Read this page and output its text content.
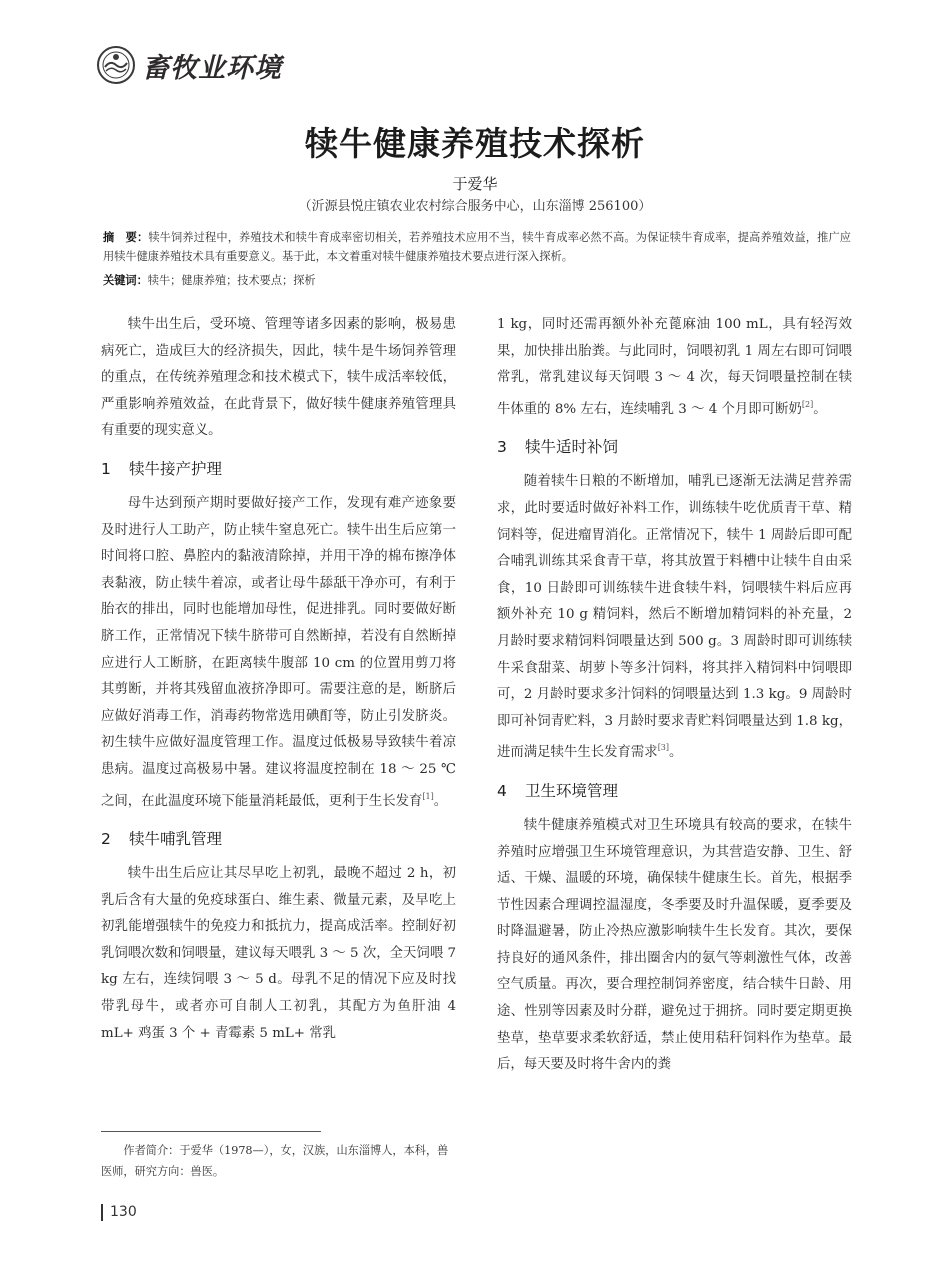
畜牧业环境
犊牛健康养殖技术探析
于爱华
（沂源县悦庄镇农业农村综合服务中心，山东淄博 256100）
摘　要：犊牛饲养过程中，养殖技术和犊牛育成率密切相关，若养殖技术应用不当，犊牛育成率必然不高。为保证犊牛育成率，提高养殖效益，推广应用犊牛健康养殖技术具有重要意义。基于此，本文着重对犊牛健康养殖技术要点进行深入探析。
关键词：犊牛；健康养殖；技术要点；探析

犊牛出生后，受环境、管理等诸多因素的影响，极易患病死亡，造成巨大的经济损失，因此，犊牛是牛场饲养管理的重点，在传统养殖理念和技术模式下，犊牛成活率较低，严重影响养殖效益，在此背景下，做好犊牛健康养殖管理具有重要的现实意义。

1 犊牛接产护理

母牛达到预产期时要做好接产工作，发现有难产迹象要及时进行人工助产，防止犊牛窒息死亡。犊牛出生后应第一时间将口腔、鼻腔内的黏液清除掉，并用干净的棉布擦净体表黏液，防止犊牛着凉，或者让母牛舔舐干净亦可，有利于胎衣的排出，同时也能增加母性，促进排乳。同时要做好断脐工作，正常情况下犊牛脐带可自然断掉，若没有自然断掉应进行人工断脐，在距离犊牛腹部 10 cm 的位置用剪刀将其剪断，并将其残留血液挤净即可。需要注意的是，断脐后应做好消毒工作，消毒药物常选用碘酊等，防止引发脐炎。初生犊牛应做好温度管理工作。温度过低极易导致犊牛着凉患病。温度过高极易中暑。建议将温度控制在 18 ～ 25 ℃之间，在此温度环境下能量消耗最低，更利于生长发育[1]。

2 犊牛哺乳管理

犊牛出生后应让其尽早吃上初乳，最晚不超过 2 h，初乳后含有大量的免疫球蛋白、维生素、微量元素，及早吃上初乳能增强犊牛的免疫力和抵抗力，提高成活率。控制好初乳饲喂次数和饲喂量，建议每天喂乳 3 ～ 5 次，全天饲喂 7 kg 左右，连续饲喂 3 ～ 5 d。母乳不足的情况下应及时找带乳母牛，或者亦可自制人工初乳，其配方为鱼肝油 4 mL+ 鸡蛋 3 个 + 青霉素 5 mL+ 常乳

1 kg，同时还需再额外补充蓖麻油 100 mL，具有轻泻效果，加快排出胎粪。与此同时，饲喂初乳 1 周左右即可饲喂常乳，常乳建议每天饲喂 3 ～ 4 次，每天饲喂量控制在犊牛体重的 8% 左右，连续哺乳 3 ～ 4 个月即可断奶[2]。

3 犊牛适时补饲

随着犊牛日粮的不断增加，哺乳已逐渐无法满足营养需求，此时要适时做好补料工作，训练犊牛吃优质青干草、精饲料等，促进瘤胃消化。正常情况下，犊牛 1 周龄后即可配合哺乳训练其采食青干草，将其放置于料槽中让犊牛自由采食，10 日龄即可训练犊牛进食犊牛料，饲喂犊牛料后应再额外补充 10 g 精饲料，然后不断增加精饲料的补充量，2 月龄时要求精饲料饲喂量达到 500 g。3 周龄时即可训练犊牛采食甜菜、胡萝卜等多汁饲料，将其拌入精饲料中饲喂即可，2 月龄时要求多汁饲料的饲喂量达到 1.3 kg。9 周龄时即可补饲青贮料，3 月龄时要求青贮料饲喂量达到 1.8 kg，进而满足犊牛生长发育需求[3]。

4 卫生环境管理

犊牛健康养殖模式对卫生环境具有较高的要求，在犊牛养殖时应增强卫生环境管理意识，为其营造安静、卫生、舒适、干燥、温暖的环境，确保犊牛健康生长。首先，根据季节性因素合理调控温湿度，冬季要及时升温保暖，夏季要及时降温避暑，防止冷热应激影响犊牛生长发育。其次，要保持良好的通风条件，排出圈舍内的氨气等刺激性气体，改善空气质量。再次，要合理控制饲养密度，结合犊牛日龄、用途、性别等因素及时分群，避免过于拥挤。同时要定期更换垫草，垫草要求柔软舒适，禁止使用秸秆饲料作为垫草。最后，每天要及时将牛舍内的粪

作者简介：于爱华（1978—），女，汉族，山东淄博人，本科，兽医师，研究方向：兽医。
130
